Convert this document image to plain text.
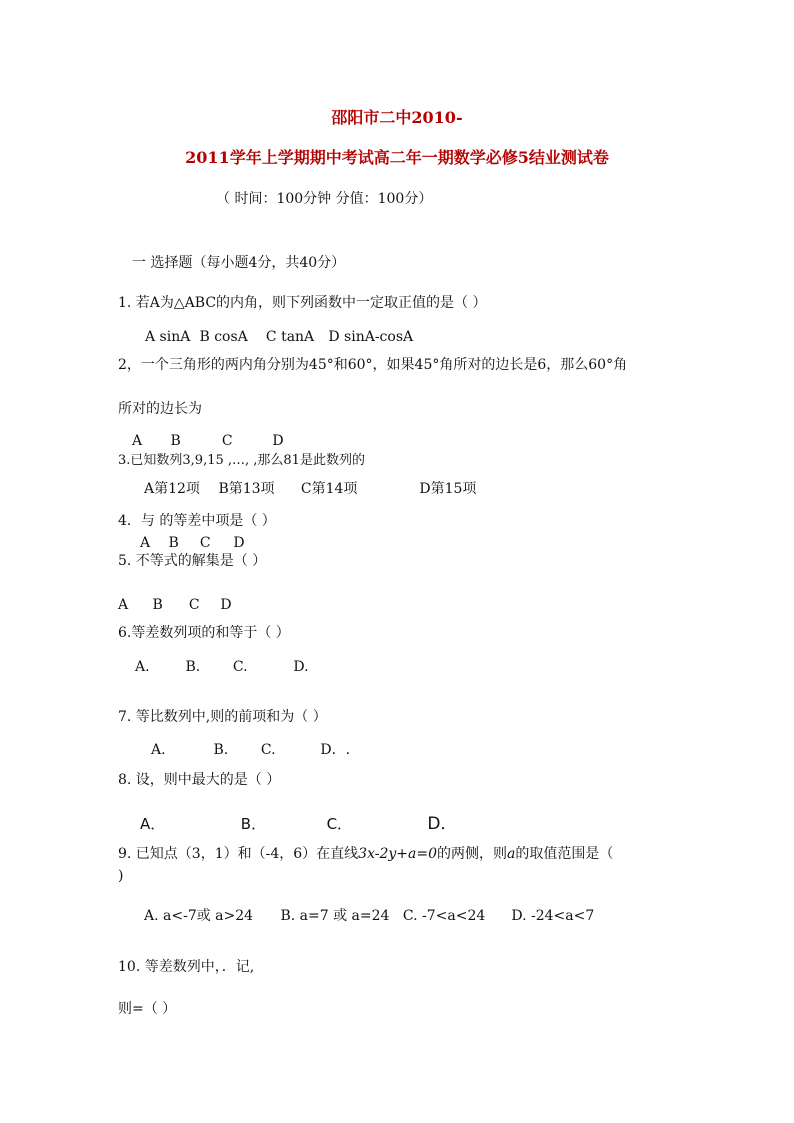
邵阳市二中2010-
2011学年上学期期中考试高二年一期数学必修5结业测试卷
（ 时间：100分钟 分值：100分）
一 选择题（每小题4分，共40分）
1. 若A为△ABC的内角，则下列函数中一定取正值的是（ ）
A sinA B cosA C tanA D sinA-cosA
2，一个三角形的两内角分别为45°和60°，如果45°角所对的边长是6，那么60°角
所对的边长为
A B	C	D
3.已知数列3,9,15 ,…, ,那么81是此数列的
A第12项 B第13项 C第14项	D第15项
4．与 的等差中项是（ ）
A B C D
5. 不等式的解集是（ ）
A B C D
6.等差数列项的和等于（ ）
A.	B. C.	D.
7. 等比数列中,则的前项和为（ ）
A.	B. C.	D．.
8. 设，则中最大的是（ ）
A．	B．	C．	D．
9. 已知点（3，1）和（-4，6）在直线3x-2y+a=0的两侧，则a的取值范围是（
)
A. a<-7或 a>24 B. a=7 或 a=24 C. -7<a<24 D. -24<a<7
10. 等差数列中，．记,
则=（ ）
